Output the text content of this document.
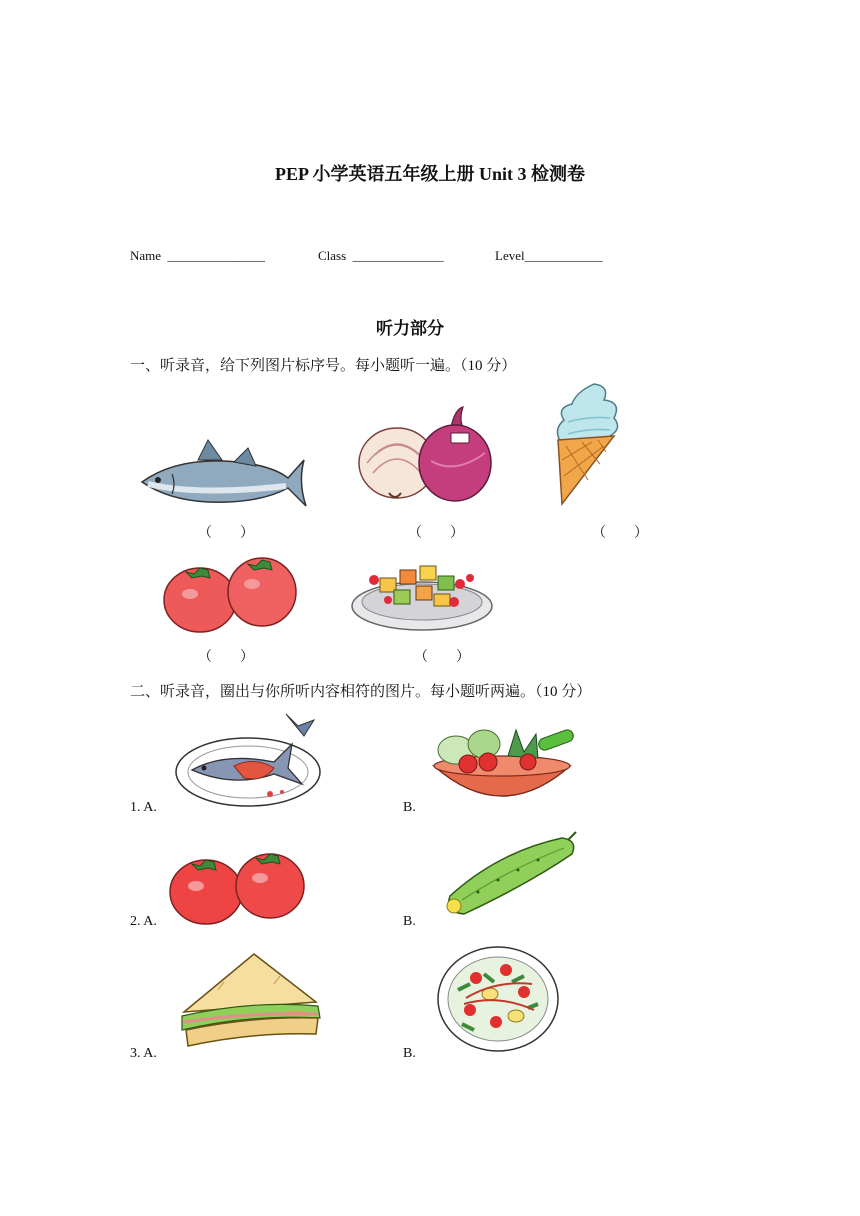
PEP 小学英语五年级上册 Unit 3 检测卷
Name _______________	Class ______________	Level____________
听力部分
一、听录音，给下列图片标序号。每小题听一遍。（10 分）
（　　）	（　　）	（　　）
（　　）	（　　）
二、听录音，圈出与你所听内容相符的图片。每小题听两遍。（10 分）
1. A.	B.
2. A.	B.
3. A.	B.
